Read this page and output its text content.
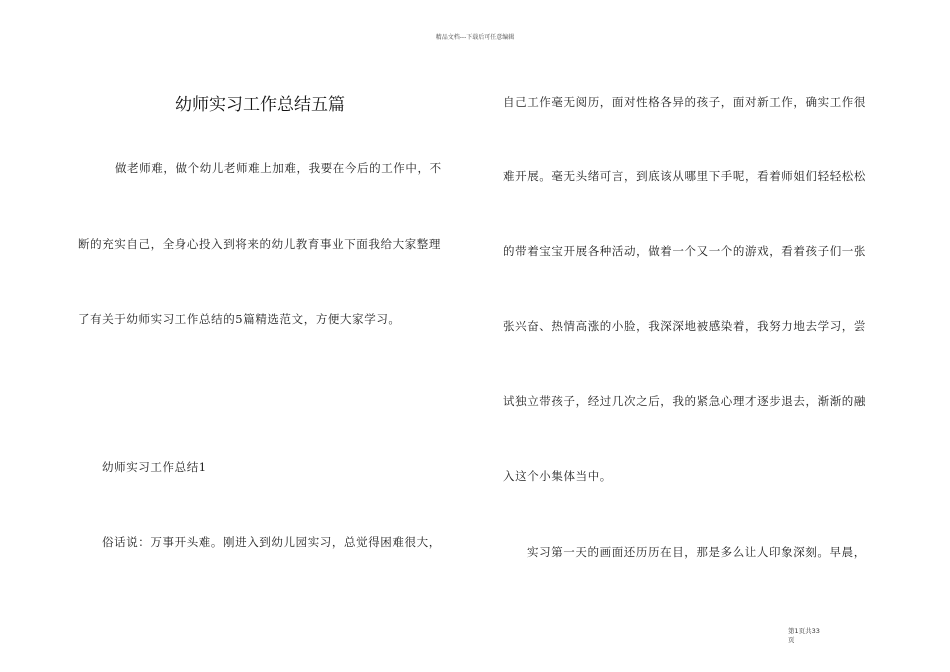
精品文档---下载后可任意编辑
幼师实习工作总结五篇
做老师难，做个幼儿老师难上加难，我要在今后的工作中，不
断的充实自己，全身心投入到将来的幼儿教育事业下面我给大家整理
了有关于幼师实习工作总结的5篇精选范文，方便大家学习。
幼师实习工作总结1
俗话说：万事开头难。刚进入到幼儿园实习，总觉得困难很大，
自己工作毫无阅历，面对性格各异的孩子，面对新工作，确实工作很
难开展。毫无头绪可言，到底该从哪里下手呢，看着师姐们轻轻松松
的带着宝宝开展各种活动，做着一个又一个的游戏，看着孩子们一张
张兴奋、热情高涨的小脸，我深深地被感染着，我努力地去学习，尝
试独立带孩子，经过几次之后，我的紧急心理才逐步退去，渐渐的融
入这个小集体当中。
实习第一天的画面还历历在目，那是多么让人印象深刻。早晨，
第1页共33
页
